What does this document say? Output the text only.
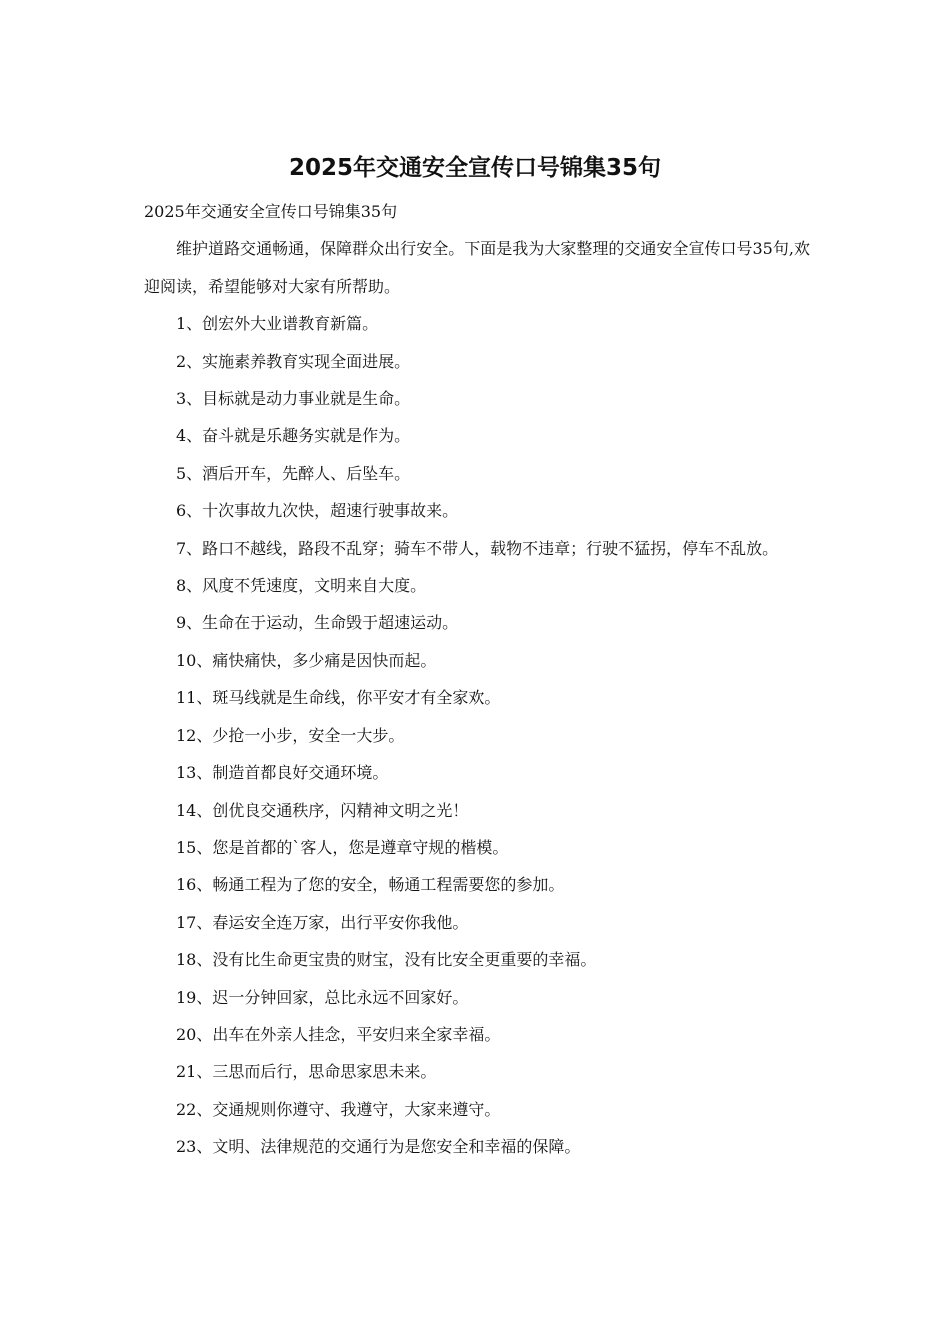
2025年交通安全宣传口号锦集35句

2025年交通安全宣传口号锦集35句

维护道路交通畅通，保障群众出行安全。下面是我为大家整理的交通安全宣传口号35句,欢迎阅读，希望能够对大家有所帮助。

1、创宏外大业谱教育新篇。

2、实施素养教育实现全面进展。

3、目标就是动力事业就是生命。

4、奋斗就是乐趣务实就是作为。

5、酒后开车，先醉人、后坠车。

6、十次事故九次快，超速行驶事故来。

7、路口不越线，路段不乱穿；骑车不带人，载物不违章；行驶不猛拐，停车不乱放。

8、风度不凭速度，文明来自大度。

9、生命在于运动，生命毁于超速运动。

10、痛快痛快，多少痛是因快而起。

11、斑马线就是生命线，你平安才有全家欢。

12、少抢一小步，安全一大步。

13、制造首都良好交通环境。

14、创优良交通秩序，闪精神文明之光！

15、您是首都的`客人，您是遵章守规的楷模。

16、畅通工程为了您的安全，畅通工程需要您的参加。

17、春运安全连万家，出行平安你我他。

18、没有比生命更宝贵的财宝，没有比安全更重要的幸福。

19、迟一分钟回家，总比永远不回家好。

20、出车在外亲人挂念，平安归来全家幸福。

21、三思而后行，思命思家思未来。

22、交通规则你遵守、我遵守，大家来遵守。

23、文明、法律规范的交通行为是您安全和幸福的保障。
